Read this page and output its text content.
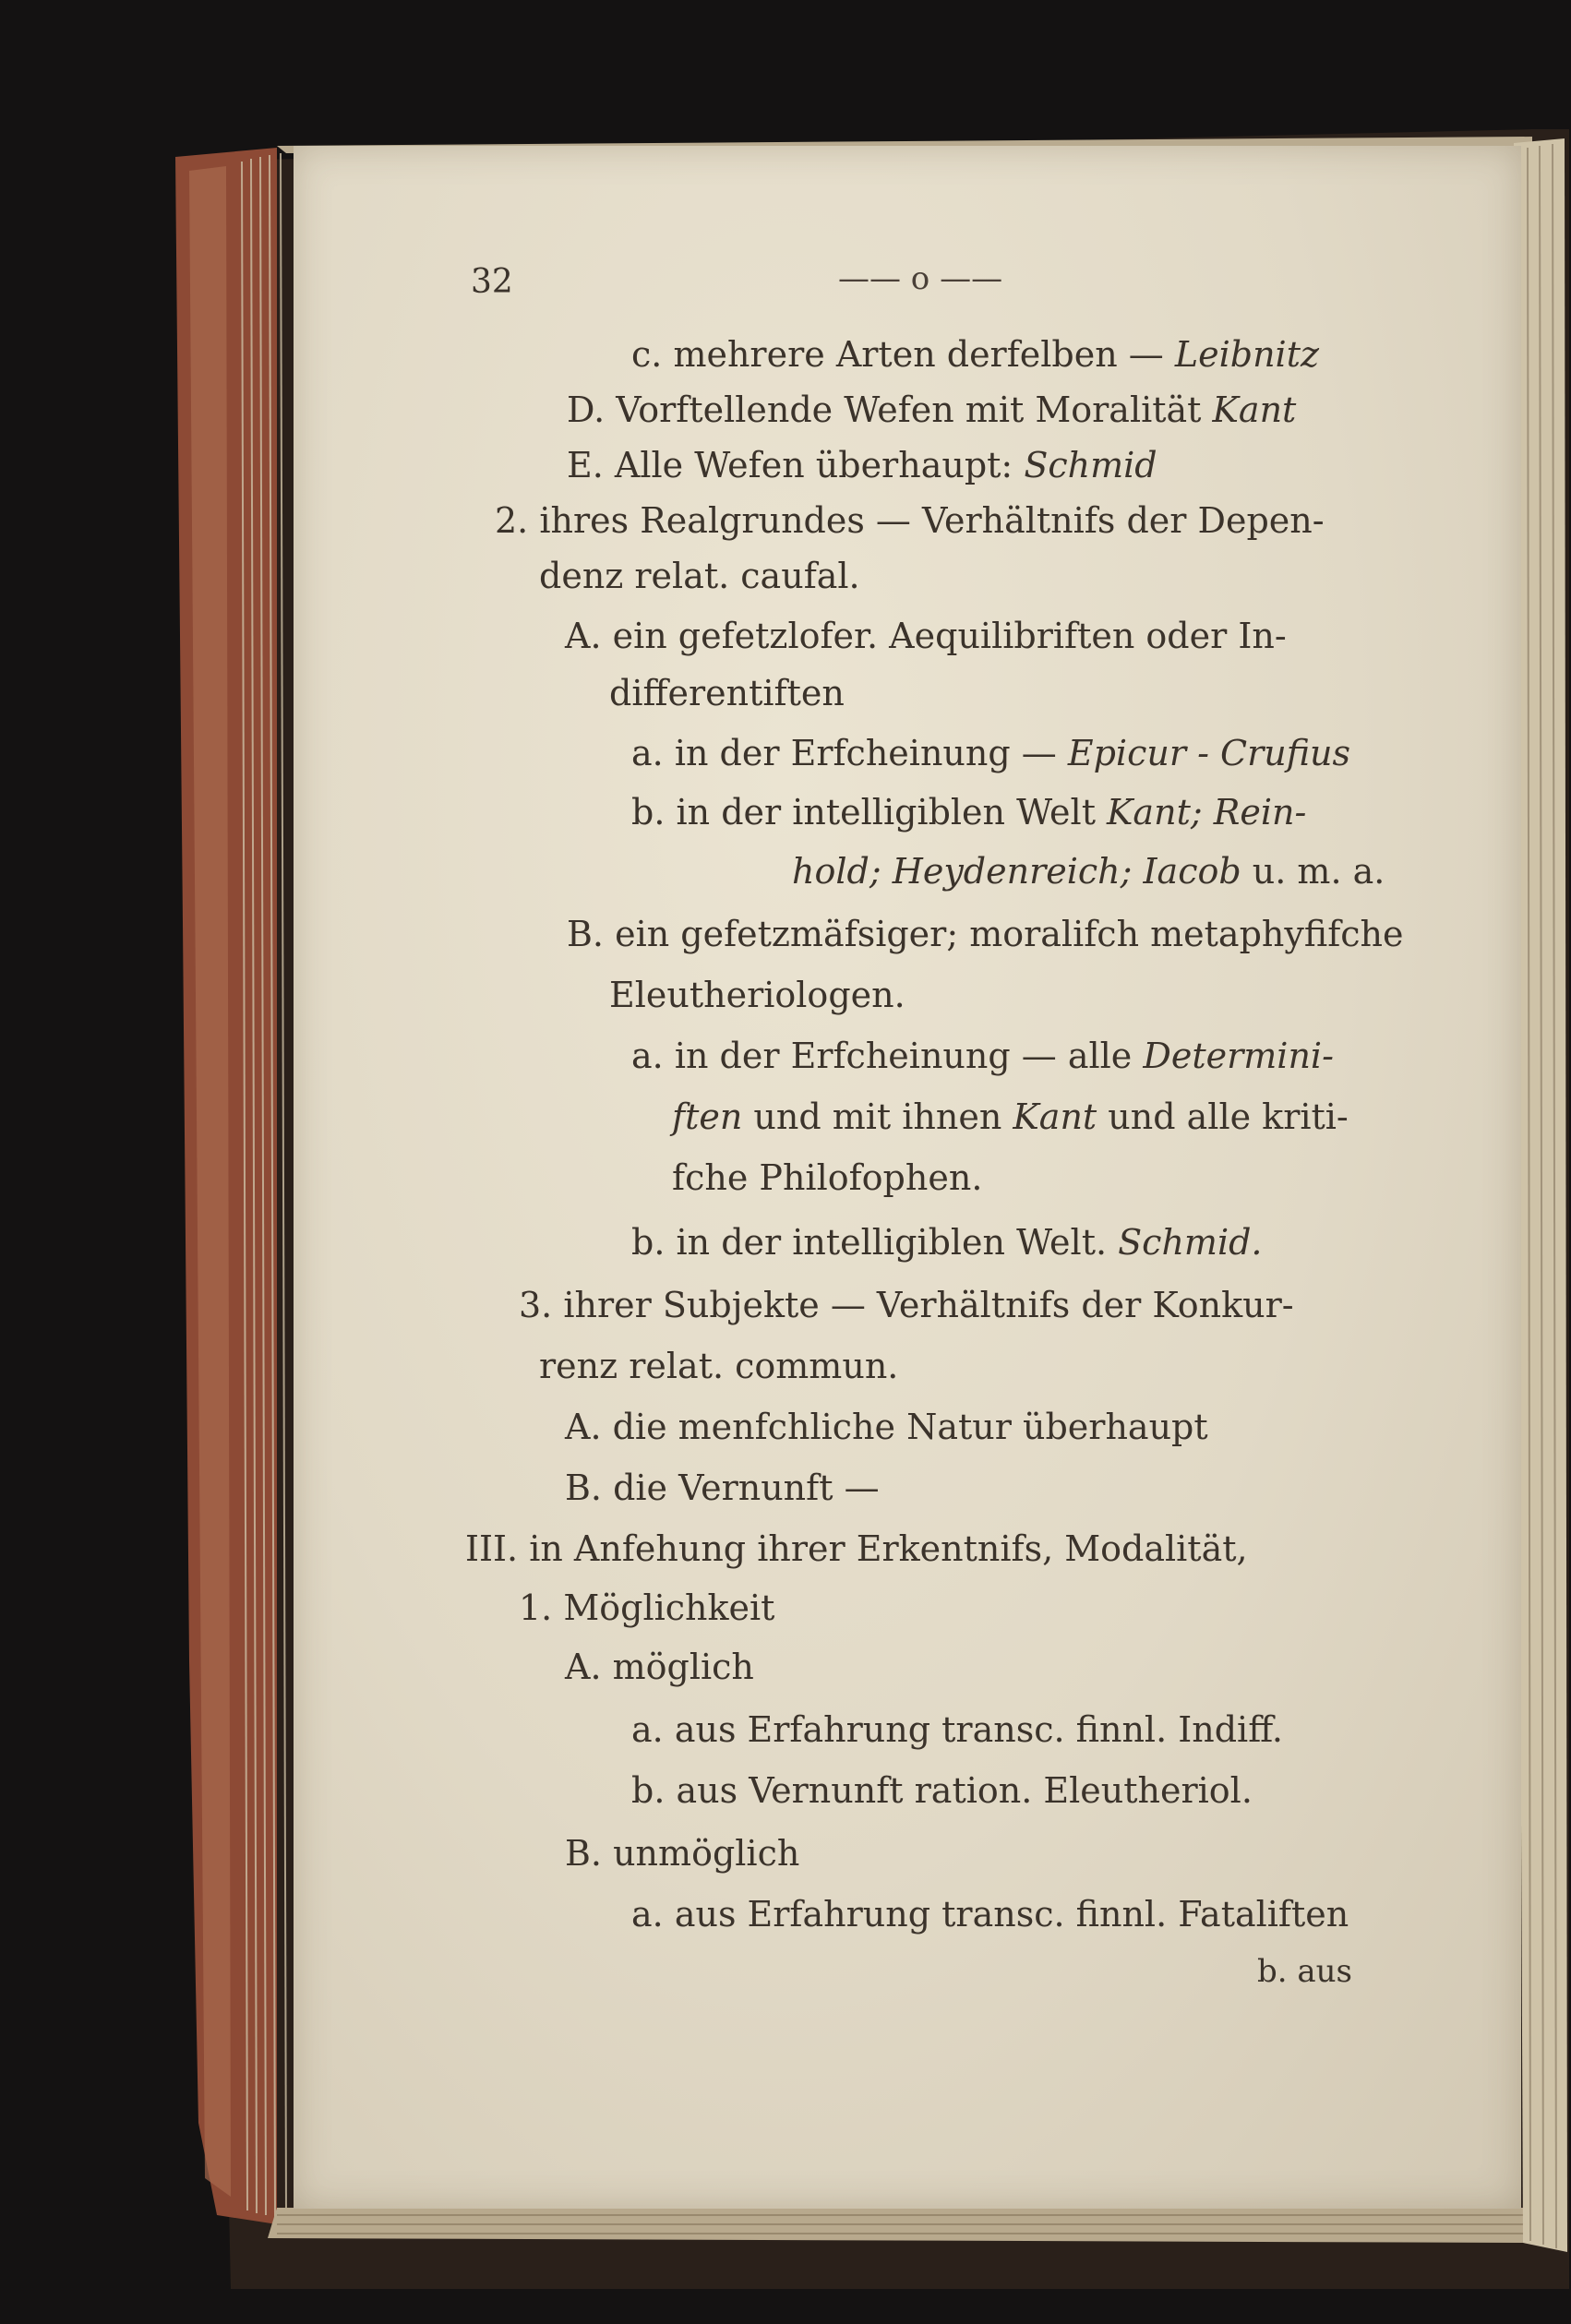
32	—— o ——
c. mehrere Arten derfelben — Leibnitz
D. Vorftellende Wefen mit Moralität Kant
E. Alle Wefen überhaupt: Schmid
2. ihres Realgrundes — Verhältnifs der Depen-
denz relat. caufal.
A. ein gefetzlofer. Aequilibriften oder In-
differentiften
a. in der Erfcheinung — Epicur - Crufius
b. in der intelligiblen Welt Kant; Rein-
hold; Heydenreich; Iacob u. m. a.
B. ein gefetzmäfsiger; moralifch metaphyfifche
Eleutheriologen.
a. in der Erfcheinung — alle Determini-
ften und mit ihnen Kant und alle kriti-
fche Philofophen.
b. in der intelligiblen Welt. Schmid.
3. ihrer Subjekte — Verhältnifs der Konkur-
renz relat. commun.
A. die menfchliche Natur überhaupt
B. die Vernunft —
III. in Anfehung ihrer Erkentnifs, Modalität,
1. Möglichkeit
A. möglich
a. aus Erfahrung transc. finnl. Indiff.
b. aus Vernunft ration. Eleutheriol.
B. unmöglich
a. aus Erfahrung transc. finnl. Fataliften
b. aus
